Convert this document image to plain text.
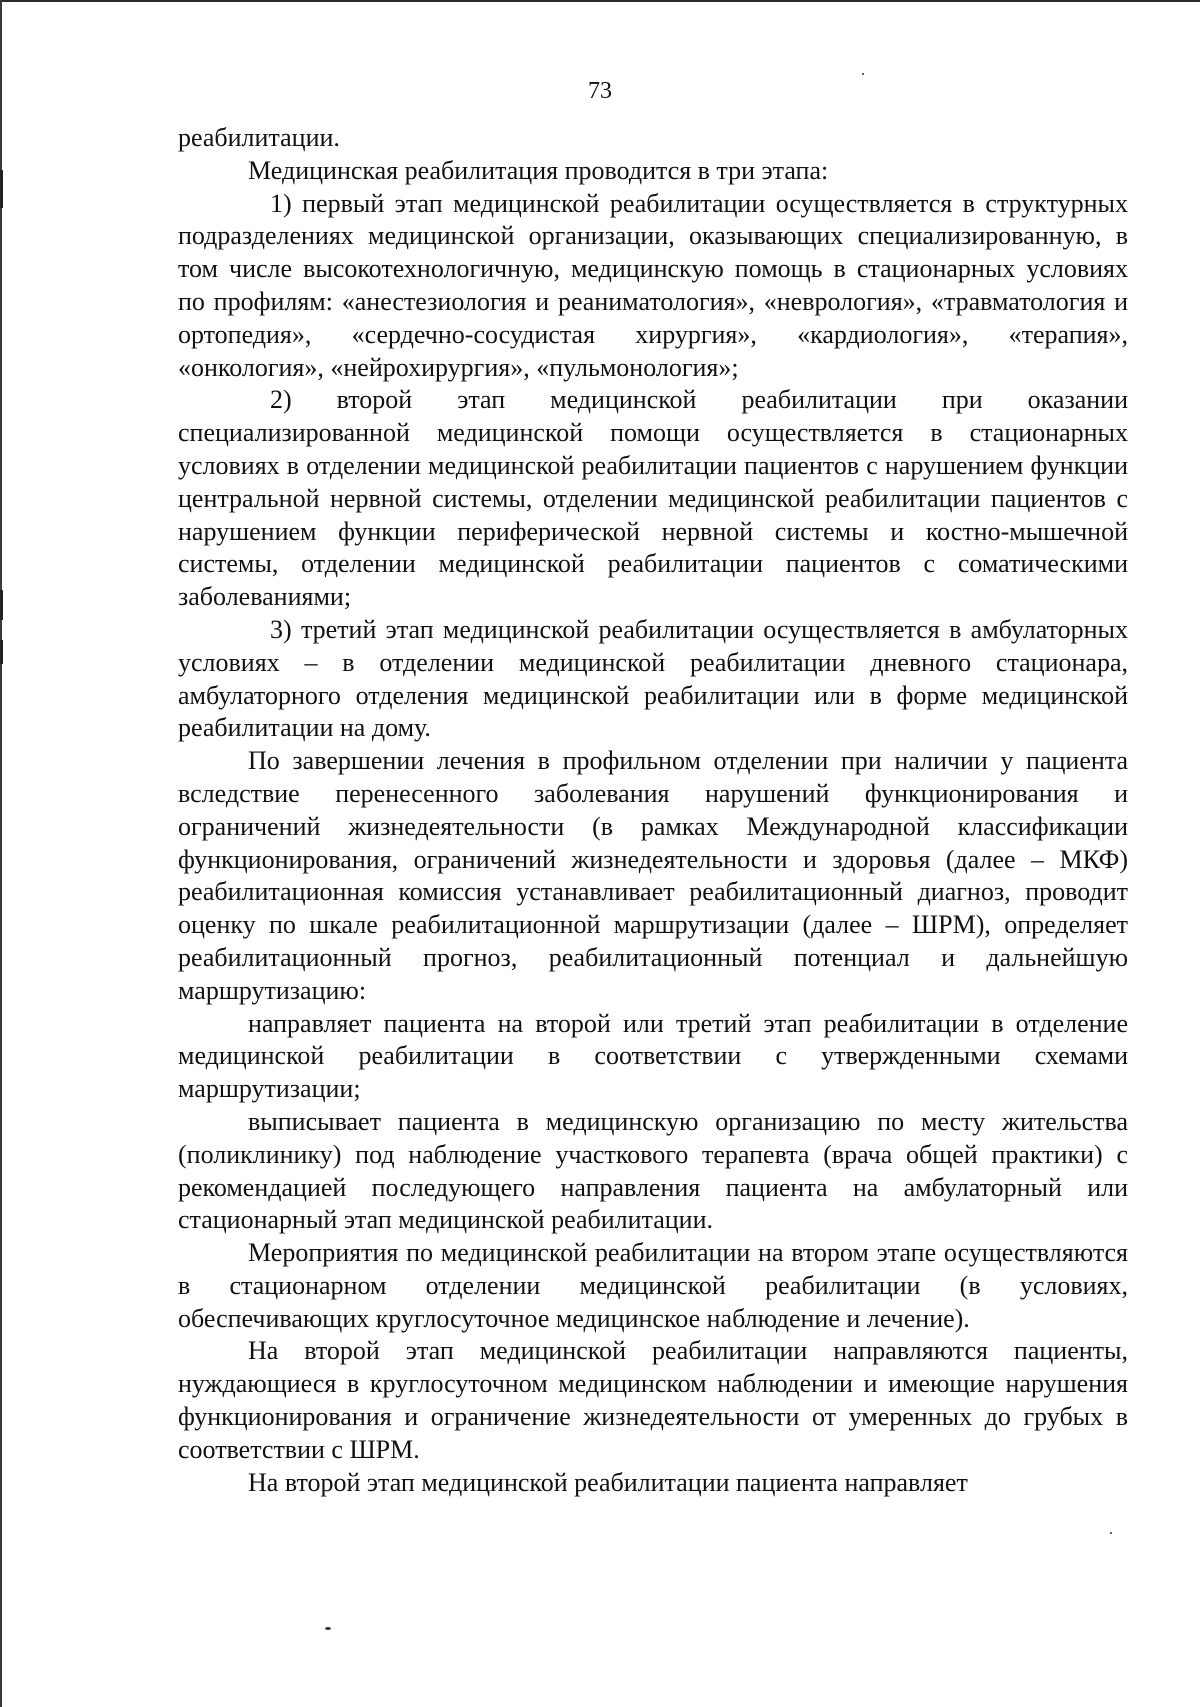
73

реабилитации.

Медицинская реабилитация проводится в три этапа:

1) первый этап медицинской реабилитации осуществляется в структурных подразделениях медицинской организации, оказывающих специализированную, в том числе высокотехнологичную, медицинскую помощь в стационарных условиях по профилям: «анестезиология и реаниматология», «неврология», «травматология и ортопедия», «сердечно-сосудистая хирургия», «кардиология», «терапия», «онкология», «нейрохирургия», «пульмонология»;

2) второй этап медицинской реабилитации при оказании специализированной медицинской помощи осуществляется в стационарных условиях в отделении медицинской реабилитации пациентов с нарушением функции центральной нервной системы, отделении медицинской реабилитации пациентов с нарушением функции периферической нервной системы и костно-мышечной системы, отделении медицинской реабилитации пациентов с соматическими заболеваниями;

3) третий этап медицинской реабилитации осуществляется в амбулаторных условиях – в отделении медицинской реабилитации дневного стационара, амбулаторного отделения медицинской реабилитации или в форме медицинской реабилитации на дому.

По завершении лечения в профильном отделении при наличии у пациента вследствие перенесенного заболевания нарушений функционирования и ограничений жизнедеятельности (в рамках Международной классификации функционирования, ограничений жизнедеятельности и здоровья (далее – МКФ) реабилитационная комиссия устанавливает реабилитационный диагноз, проводит оценку по шкале реабилитационной маршрутизации (далее – ШРМ), определяет реабилитационный прогноз, реабилитационный потенциал и дальнейшую маршрутизацию:

направляет пациента на второй или третий этап реабилитации в отделение медицинской реабилитации в соответствии с утвержденными схемами маршрутизации;

выписывает пациента в медицинскую организацию по месту жительства (поликлинику) под наблюдение участкового терапевта (врача общей практики) с рекомендацией последующего направления пациента на амбулаторный или стационарный этап медицинской реабилитации.

Мероприятия по медицинской реабилитации на втором этапе осуществляются в стационарном отделении медицинской реабилитации (в условиях, обеспечивающих круглосуточное медицинское наблюдение и лечение).

На второй этап медицинской реабилитации направляются пациенты, нуждающиеся в круглосуточном медицинском наблюдении и имеющие нарушения функционирования и ограничение жизнедеятельности от умеренных до грубых в соответствии с ШРМ.

На второй этап медицинской реабилитации пациента направляет
